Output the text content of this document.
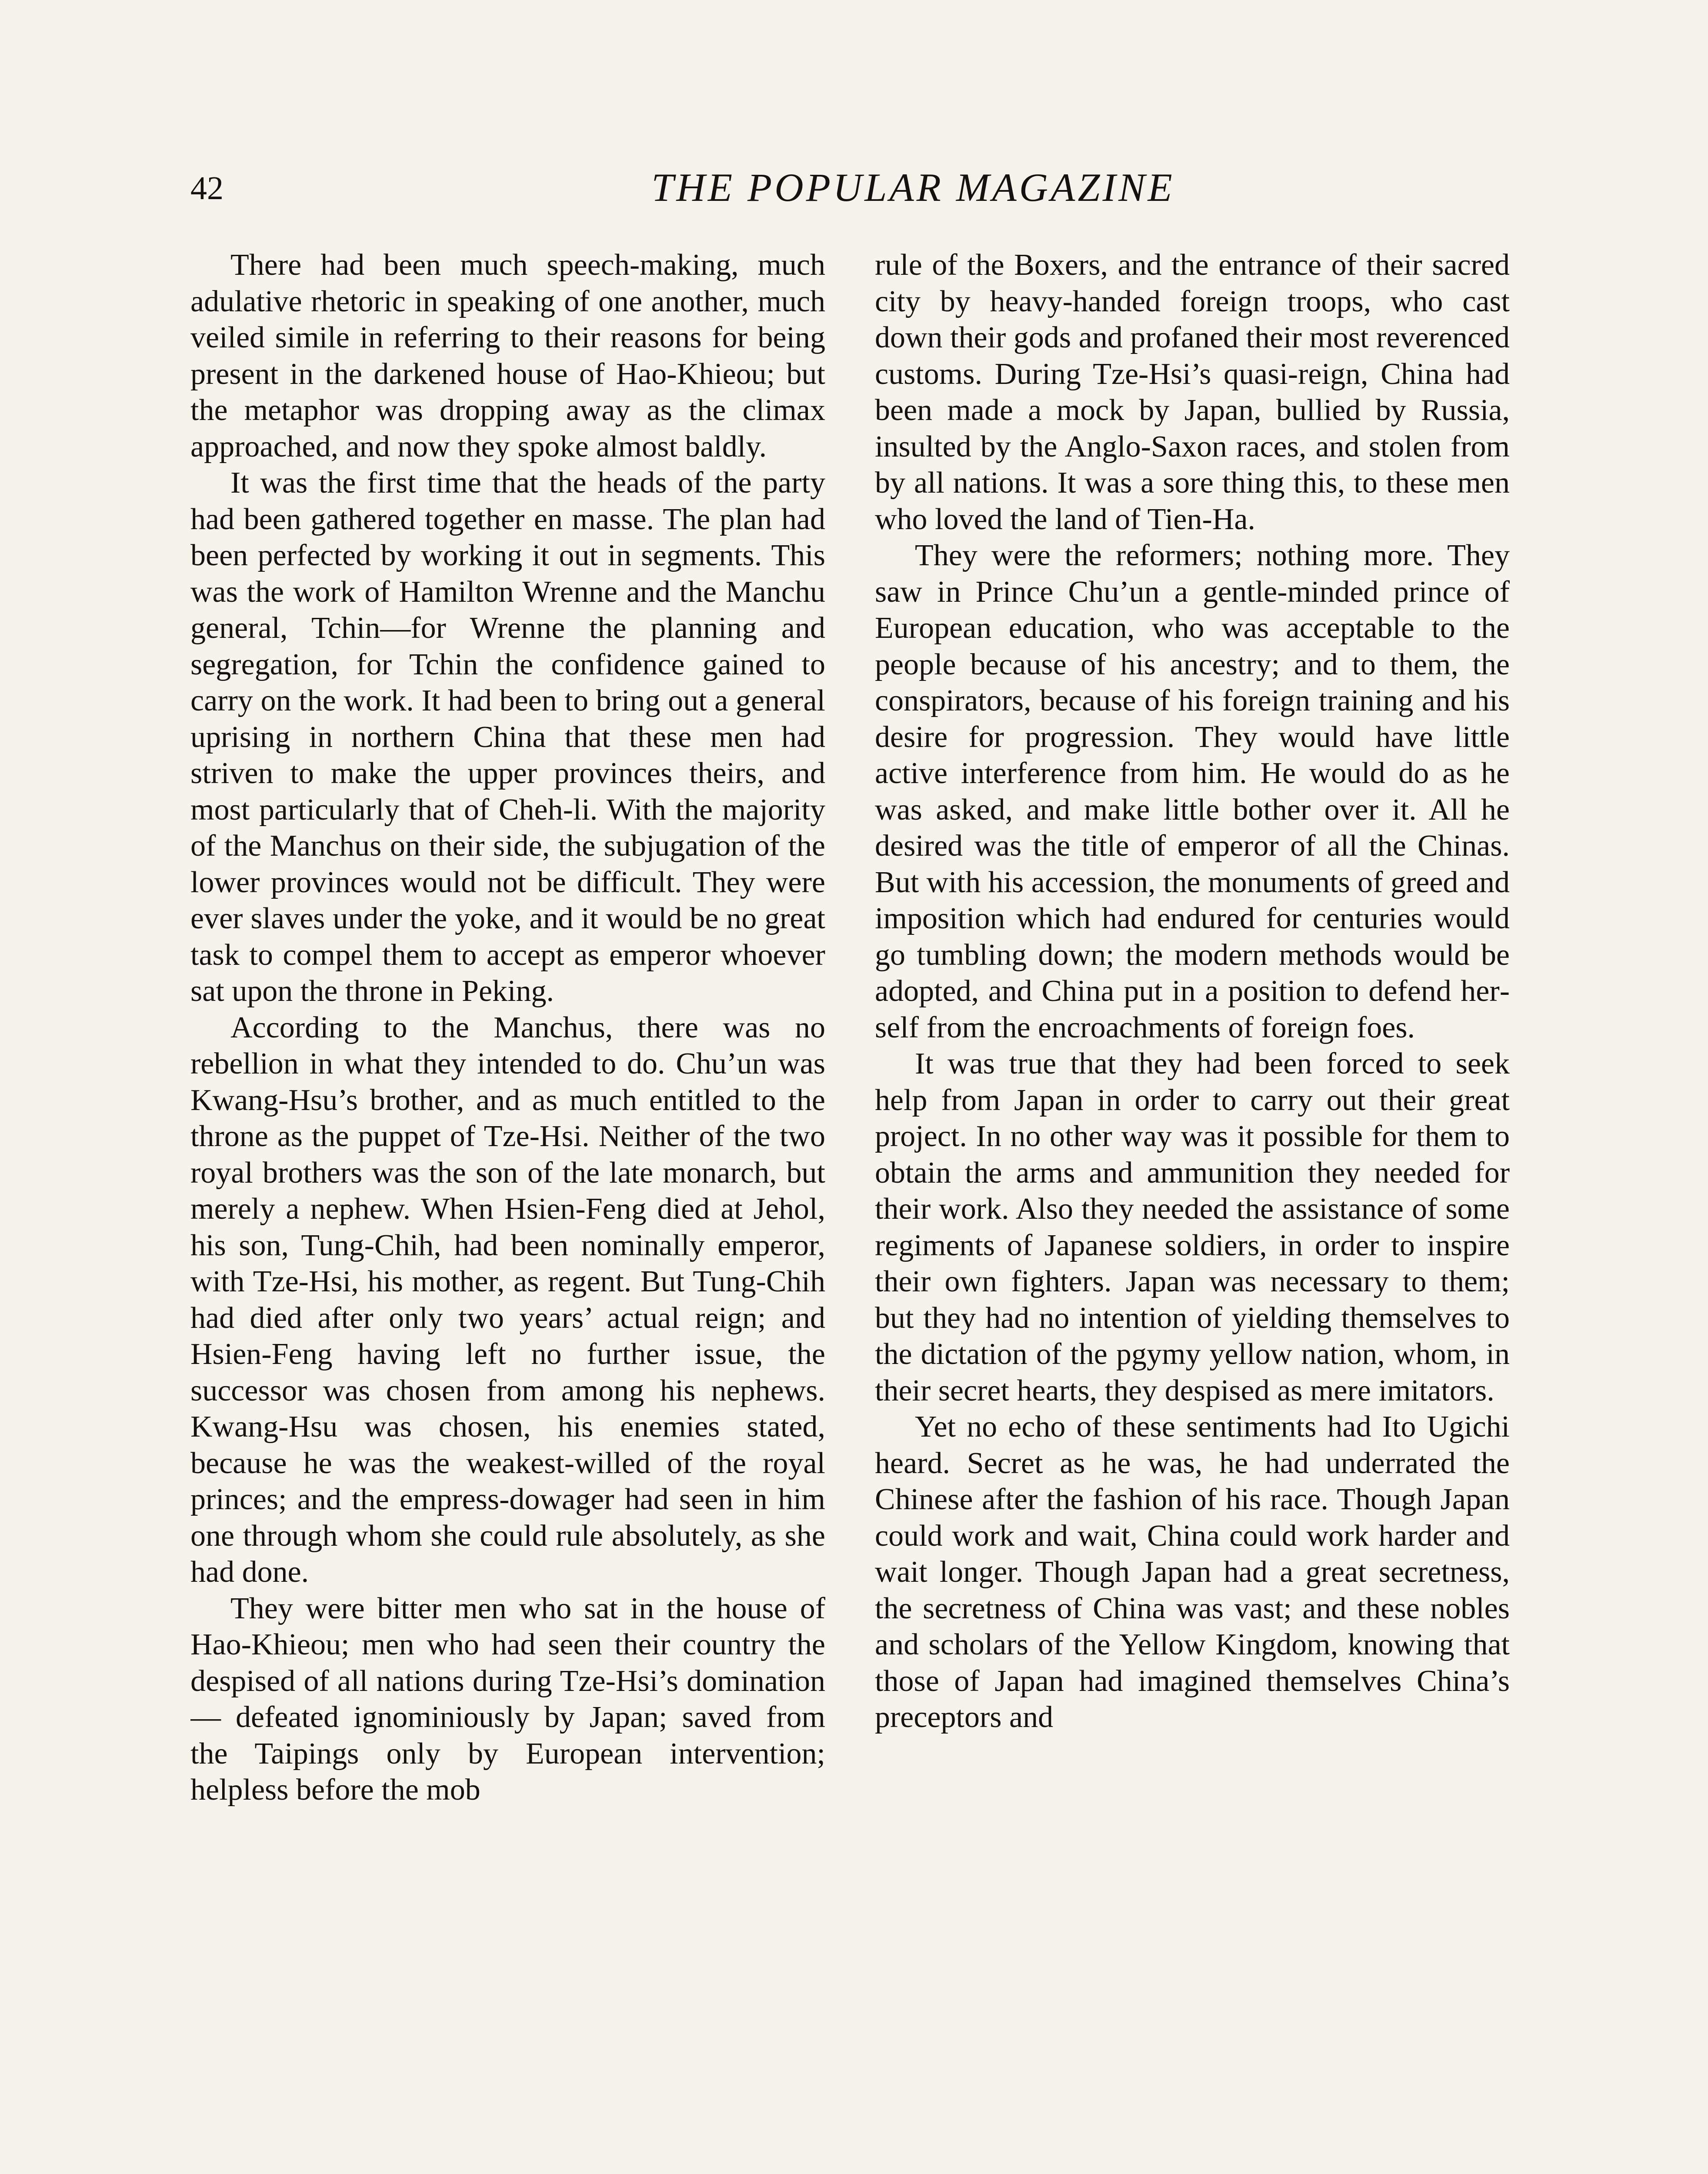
42	THE POPULAR MAGAZINE

There had been much speech-making, much adulative rhetoric in speaking of one another, much veiled simile in referring to their reasons for being present in the darkened house of Hao-Khieou; but the metaphor was dropping away as the climax approached, and now they spoke almost baldly.

It was the first time that the heads of the party had been gathered together en masse. The plan had been perfected by working it out in segments. This was the work of Hamilton Wrenne and the Manchu general, Tchin—for Wrenne the planning and segregation, for Tchin the confidence gained to carry on the work. It had been to bring out a general uprising in northern China that these men had striven to make the upper provinces theirs, and most particularly that of Cheh-li. With the majority of the Manchus on their side, the subjugation of the lower provinces would not be difficult. They were ever slaves under the yoke, and it would be no great task to compel them to accept as emperor whoever sat upon the throne in Peking.

According to the Manchus, there was no rebellion in what they intended to do. Chu’un was Kwang-Hsu’s brother, and as much entitled to the throne as the puppet of Tze-Hsi. Neither of the two royal brothers was the son of the late monarch, but merely a nephew. When Hsien-Feng died at Jehol, his son, Tung-Chih, had been nominally emperor, with Tze-Hsi, his mother, as regent. But Tung-Chih had died after only two years’ actual reign; and Hsien-Feng having left no further issue, the successor was chosen from among his nephews. Kwang-Hsu was chosen, his enemies stated, because he was the weakest-willed of the royal princes; and the empress-dowager had seen in him one through whom she could rule absolutely, as she had done.

They were bitter men who sat in the house of Hao-Khieou; men who had seen their country the despised of all nations during Tze-Hsi’s domination— defeated ignominiously by Japan; saved from the Taipings only by European intervention; helpless before the mob

rule of the Boxers, and the entrance of their sacred city by heavy-handed foreign troops, who cast down their gods and profaned their most reverenced customs. During Tze-Hsi’s quasi-reign, China had been made a mock by Japan, bullied by Russia, insulted by the Anglo-Saxon races, and stolen from by all nations. It was a sore thing this, to these men who loved the land of Tien-Ha.

They were the reformers; nothing more. They saw in Prince Chu’un a gentle-minded prince of European education, who was acceptable to the people because of his ancestry; and to them, the conspirators, because of his foreign training and his desire for progression. They would have little active interference from him. He would do as he was asked, and make little bother over it. All he desired was the title of emperor of all the Chinas. But with his accession, the monuments of greed and imposition which had endured for centuries would go tumbling down; the modern methods would be adopted, and China put in a position to defend herself from the encroachments of foreign foes.

It was true that they had been forced to seek help from Japan in order to carry out their great project. In no other way was it possible for them to obtain the arms and ammunition they needed for their work. Also they needed the assistance of some regiments of Japanese soldiers, in order to inspire their own fighters. Japan was necessary to them; but they had no intention of yielding themselves to the dictation of the pgymy yellow nation, whom, in their secret hearts, they despised as mere imitators.

Yet no echo of these sentiments had Ito Ugichi heard. Secret as he was, he had underrated the Chinese after the fashion of his race. Though Japan could work and wait, China could work harder and wait longer. Though Japan had a great secretness, the secretness of China was vast; and these nobles and scholars of the Yellow Kingdom, knowing that those of Japan had imagined themselves China’s preceptors and
